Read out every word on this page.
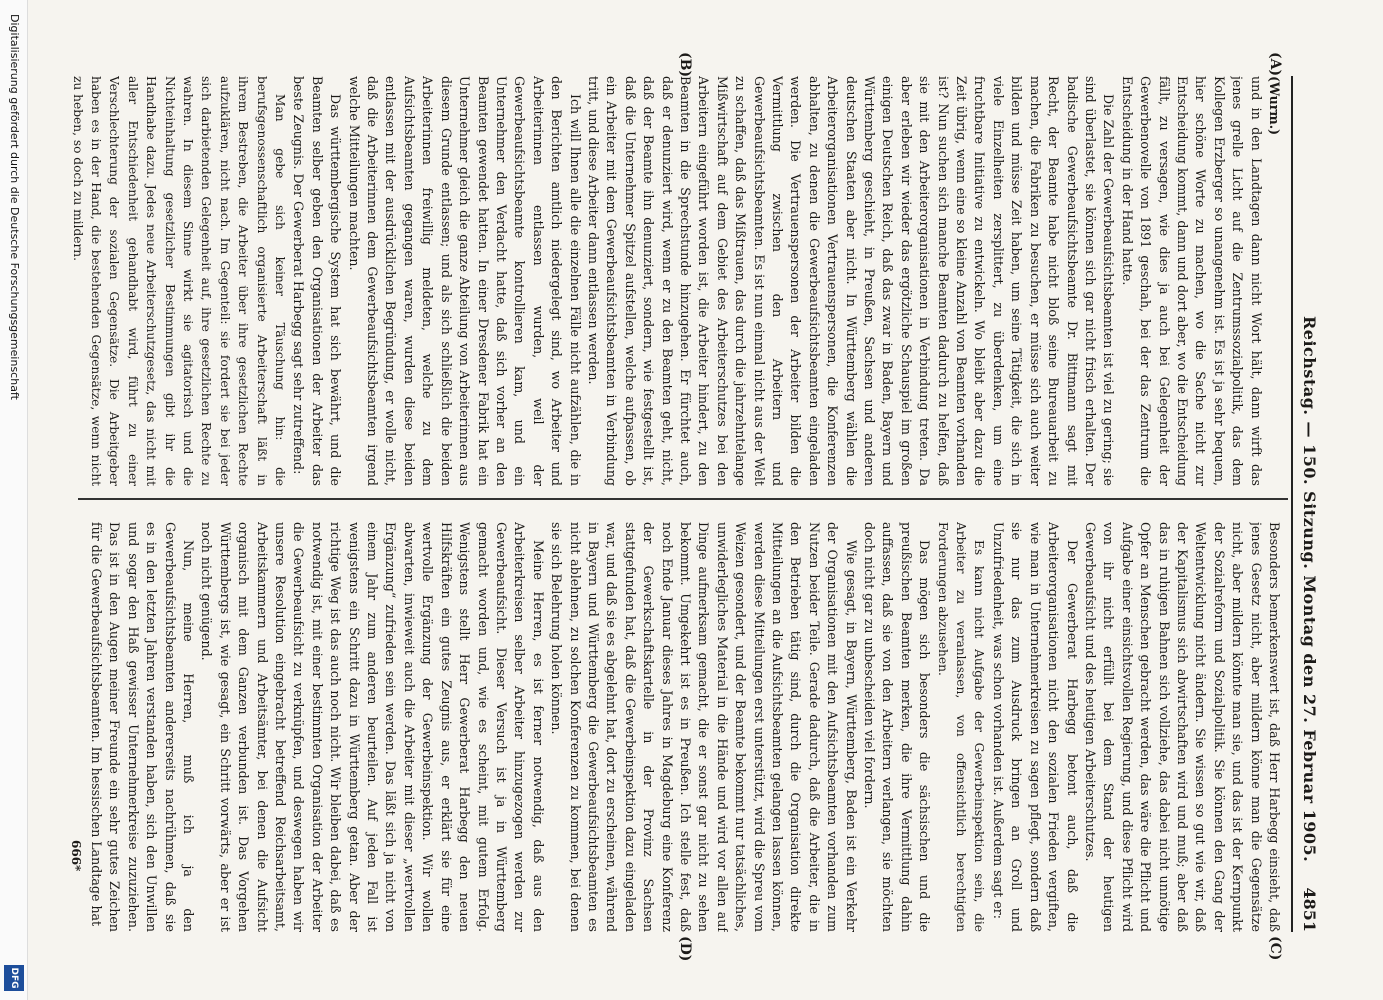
Reichstag. — 150. Sitzung. Montag den 27. Februar 1905.
4851
(A)
(B)
(C)
(D)

(Wurm.)

und in den Landtagen dann nicht Wort hält, dann wirft das jenes grelle Licht auf die Zentrumssozialpolitik, das dem Kollegen Erzberger so unangenehm ist. Es ist ja sehr bequem, hier schöne Worte zu machen, wo die Sache nicht zur Entscheidung kommt, dann und dort aber, wo die Entscheidung fällt, zu versagen, wie dies ja auch bei Gelegenheit der Gewerbenovelle von 1891 geschah, bei der das Zentrum die Entscheidung in der Hand hatte.

Die Zahl der Gewerbeaufsichtsbeamten ist viel zu gering; sie sind überlastet, sie können sich gar nicht frisch erhalten. Der badische Gewerbeaufsichtsbeamte Dr. Bittmann sagt mit Recht, der Beamte habe nicht bloß seine Bureauarbeit zu machen, die Fabriken zu besuchen, er müsse sich auch weiter bilden und müsse Zeit haben, um seine Tätigkeit, die sich in viele Einzelheiten zersplittert, zu überdenken, um eine fruchtbare Initiative zu entwickeln. Wo bleibt aber dazu die Zeit übrig, wenn eine so kleine Anzahl von Beamten vorhanden ist? Nun suchen sich manche Beamten dadurch zu helfen, daß sie mit den Arbeiterorganisationen in Verbindung treten. Da aber erleben wir wieder das ergötzliche Schauspiel im großen einigen Deutschen Reich, daß das zwar in Baden, Bayern und Württemberg geschieht, in Preußen, Sachsen und anderen deutschen Staaten aber nicht. In Württemberg wählen die Arbeiterorganisationen Vertrauenspersonen, die Konferenzen abhalten, zu denen die Gewerbeaufsichtsbeamten eingeladen werden. Die Vertrauenspersonen der Arbeiter bilden die Vermittlung zwischen den Arbeitern und Gewerbeaufsichtsbeamten. Es ist nun einmal nicht aus der Welt zu schaffen, daß das Mißtrauen, das durch die jahrzehntelange Mißwirtschaft auf dem Gebiet des Arbeiterschutzes bei den Arbeitern eingeführt worden ist, die Arbeiter hindert, zu den Beamten in die Sprechstunde hinzugehen. Er fürchtet auch, daß er denunziert wird, wenn er zu den Beamten geht, nicht, daß der Beamte ihn denunziert, sondern, wie festgestellt ist, daß die Unternehmer Spitzel aufstellen, welche aufpassen, ob ein Arbeiter mit dem Gewerbeaufsichtsbeamten in Verbindung tritt, und diese Arbeiter dann entlassen werden.

Ich will Ihnen alle die einzelnen Fälle nicht aufzählen, die in den Berichten amtlich niedergelegt sind, wo Arbeiter und Arbeiterinnen entlassen wurden, weil der Gewerbeaufsichtsbeamte kontrollieren kam, und ein Unternehmer den Verdacht hatte, daß sich vorher an den Beamten gewendet hatten. In einer Dresdener Fabrik hat ein Unternehmer gleich die ganze Abteilung von Arbeiterinnen aus diesem Grunde entlassen; und als sich schließlich die beiden Arbeiterinnen freiwillig meldeten, welche zu dem Aufsichtsbeamten gegangen waren, wurden diese beiden entlassen mit der ausdrücklichen Begründung, er wolle nicht, daß die Arbeiterinnen dem Gewerbeaufsichtsbeamten irgend welche Mitteilungen machten.

Das württembergische System hat sich bewährt, und die Beamten selber geben den Organisationen der Arbeiter das beste Zeugnis. Der Gewerberat Harbegg sagt sehr zutreffend:

Man gebe sich keiner Täuschung hin: die berufsgenossenschaftlich organisierte Arbeiterschaft läßt in ihrem Bestreben, die Arbeiter über ihre gesetzlichen Rechte aufzuklären, nicht nach. Im Gegenteil: sie fordert sie bei jeder sich darbietenden Gelegenheit auf, ihre gesetzlichen Rechte zu wahren. In diesem Sinne wirkt sie agitatorisch und die Nichteinhaltung gesetzlicher Bestimmungen gibt ihr die Handhabe dazu. Jedes neue Arbeiterschutzgesetz, das nicht mit aller Entschiedenheit gehandhabt wird, führt zu einer Verschlechterung der sozialen Gegensätze. Die Arbeitgeber haben es in der Hand, die bestehenden Gegensätze, wenn nicht zu heben, so doch zu mildern.

Besonders bemerkenswert ist, daß Herr Harbegg einsieht, daß jenes Gesetz nicht, aber mildern könne man die Gegensätze nicht, aber mildern könnte man sie, und das ist der Kernpunkt der Sozialreform und Sozialpolitik. Sie können den Gang der Weltentwicklung nicht ändern. Sie wissen so gut wie wir, daß der Kapitalismus sich abwirtschaften wird und muß; aber daß das in ruhigen Bahnen sich vollziehe, das dabei nicht unnötige Opfer an Menschen gebracht werden, das wäre die Pflicht und Aufgabe einer einsichtsvollen Regierung, und diese Pflicht wird von ihr nicht erfüllt bei dem Stand der heutigen Gewerbeaufsicht und des heutigen Arbeiterschutzes.

Der Gewerberat Harbegg betont auch, daß die Arbeiterorganisationen nicht den sozialen Frieden vergiften, wie man in Unternehmerkreisen zu sagen pflegt, sondern daß sie nur das zum Ausdruck bringen an Groll und Unzufriedenheit, was schon vorhanden ist. Außerdem sagt er:

Es kann nicht Aufgabe der Gewerbeinspektion sein, die Arbeiter zu veranlassen, von offensichtlich berechtigten Forderungen abzusehen.

Das mögen sich besonders die sächsischen und die preußischen Beamten merken, die ihre Vermittlung dahin auffassen, daß sie von den Arbeitern verlangen, sie möchten doch nicht gar zu unbescheiden viel fordern.

Wie gesagt, in Bayern, Württemberg, Baden ist ein Verkehr der Organisationen mit den Aufsichtsbeamten vorhanden zum Nutzen beider Teile. Gerade dadurch, daß die Arbeiter, die in den Betrieben tätig sind, durch die Organisation direkte Mitteilungen an die Aufsichtsbeamten gelangen lassen können, werden diese Mitteilungen erst unterstützt, wird die Spreu vom Weizen gesondert, und der Beamte bekommt nur tatsächliches, unwiderlegliches Material in die Hände und wird vor allen auf Dinge aufmerksam gemacht, die er sonst gar nicht zu sehen bekommt. Umgekehrt ist es in Preußen. Ich stelle fest, daß noch Ende Januar dieses Jahres in Magdeburg eine Konferenz der Gewerkschaftskartelle in der Provinz Sachsen stattgefunden hat, daß die Gewerbeinspektion dazu eingeladen war, und daß sie es abgelehnt hat, dort zu erscheinen, während in Bayern und Württemberg die Gewerbeaufsichtsbeamten es nicht ablehnen, zu solchen Konferenzen zu kommen, bei denen sie sich Belehrung holen können.

Meine Herren, es ist ferner notwendig, daß aus den Arbeiterkreisen selber Arbeiter hinzugezogen werden zur Gewerbeaufsicht. Dieser Versuch ist ja in Württemberg gemacht worden und, wie es scheint, mit gutem Erfolg. Wenigstens stellt Herr Gewerberat Harbegg den neuen Hilfskräften ein gutes Zeugnis aus, er erklärt sie für eine wertvolle Ergänzung der Gewerbeinspektion. Wir wollen abwarten, inwieweit auch die Arbeiter mit dieser „wertvollen Ergänzung“ zufrieden sein werden. Das läßt sich ja nicht von einem Jahr zum anderen beurteilen. Auf jeden Fall ist wenigstens ein Schritt dazu in Württemberg getan. Aber der richtige Weg ist das auch noch nicht. Wir bleiben dabei, daß es notwendig ist, mit einer bestimmten Organisation der Arbeiter die Gewerbeaufsicht zu verknüpfen, und deswegen haben wir unsere Resolution eingebracht betreffend Reichsarbeitsamt, Arbeitskammern und Arbeitsämter, bei denen die Aufsicht organisch mit dem Ganzen verbunden ist. Das Vorgehen Württembergs ist, wie gesagt, ein Schritt vorwärts, aber er ist noch nicht genügend.

Nun, meine Herren, muß ich ja den Gewerbeaufsichtsbeamten andererseits nachrühmen, daß sie es in den letzten Jahren verstanden haben, sich den Unwillen und sogar den Haß gewisser Unternehmerkreise zuzuziehen. Das ist in den Augen meiner Freunde ein sehr gutes Zeichen für die Gewerbeaufsichtsbeamten. Im hessischen Landtage hat

666*
Digitalisierung gefördert durch die Deutsche Forschungsgemeinschaft
DFG
